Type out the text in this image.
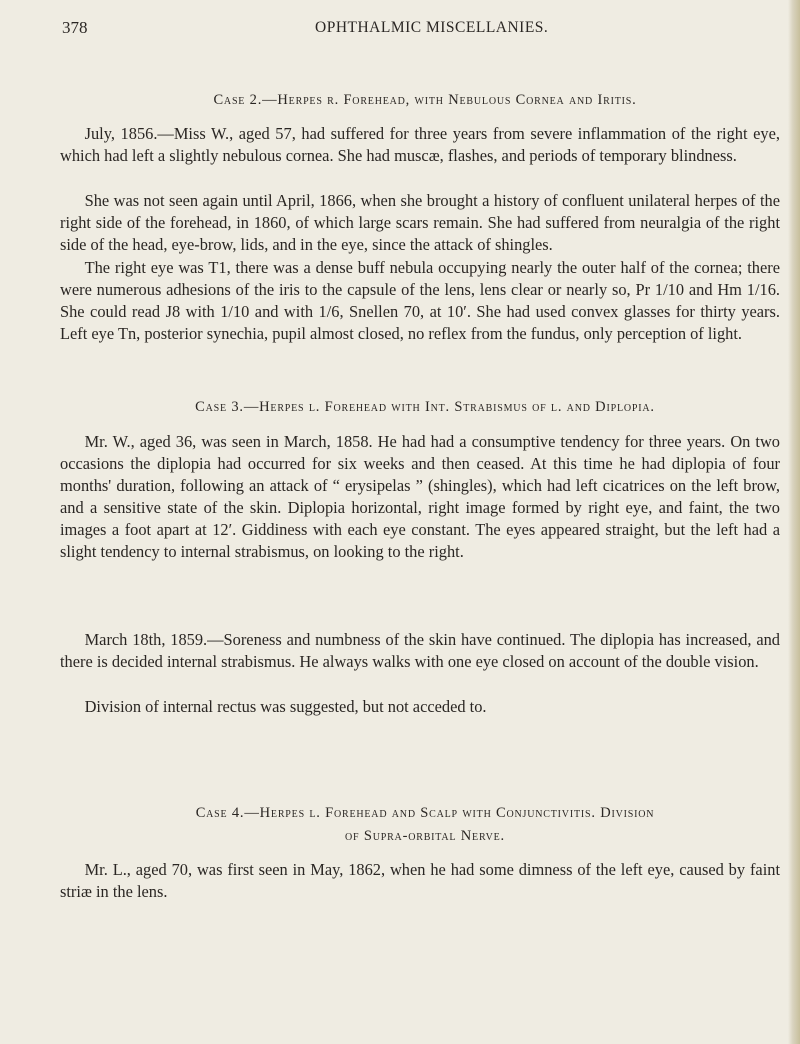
378	OPHTHALMIC MISCELLANIES.
Case 2.—Herpes r. Forehead, with Nebulous Cornea and Iritis.

July, 1856.—Miss W., aged 57, had suffered for three years from severe inflammation of the right eye, which had left a slightly nebulous cornea. She had muscæ, flashes, and periods of temporary blindness.

She was not seen again until April, 1866, when she brought a history of confluent unilateral herpes of the right side of the forehead, in 1860, of which large scars remain. She had suffered from neuralgia of the right side of the head, eye-brow, lids, and in the eye, since the attack of shingles.

The right eye was T1, there was a dense buff nebula occupying nearly the outer half of the cornea; there were numerous adhesions of the iris to the capsule of the lens, lens clear or nearly so, Pr 1/10 and Hm 1/16. She could read J8 with 1/10 and with 1/6, Snellen 70, at 10′. She had used convex glasses for thirty years. Left eye Tn, posterior synechia, pupil almost closed, no reflex from the fundus, only perception of light.

Case 3.—Herpes l. Forehead with Int. Strabismus of l. and Diplopia.

Mr. W., aged 36, was seen in March, 1858. He had had a consumptive tendency for three years. On two occasions the diplopia had occurred for six weeks and then ceased. At this time he had diplopia of four months' duration, following an attack of “ erysipelas ” (shingles), which had left cicatrices on the left brow, and a sensitive state of the skin. Diplopia horizontal, right image formed by right eye, and faint, the two images a foot apart at 12′. Giddiness with each eye constant. The eyes appeared straight, but the left had a slight tendency to internal strabismus, on looking to the right.

March 18th, 1859.—Soreness and numbness of the skin have continued. The diplopia has increased, and there is decided internal strabismus. He always walks with one eye closed on account of the double vision.

Division of internal rectus was suggested, but not acceded to.

Case 4.—Herpes l. Forehead and Scalp with Conjunctivitis. Division
of Supra-orbital Nerve.

Mr. L., aged 70, was first seen in May, 1862, when he had some dimness of the left eye, caused by faint striæ in the lens.
